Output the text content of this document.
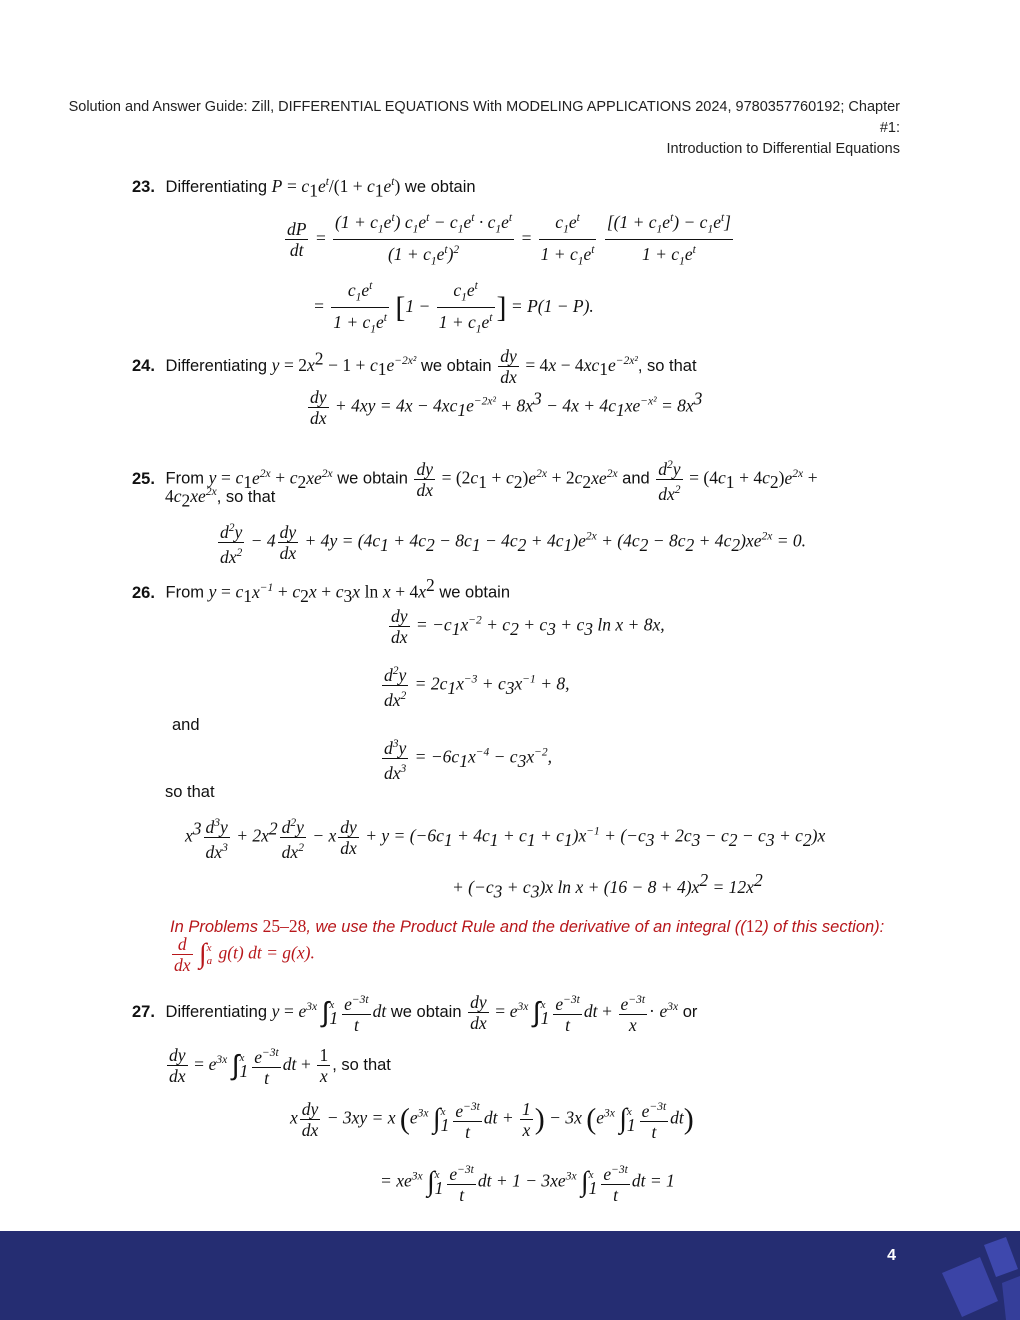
Solution and Answer Guide: Zill, DIFFERENTIAL EQUATIONS With MODELING APPLICATIONS 2024, 9780357760192; Chapter #1:
Introduction to Differential Equations
23. Differentiating $P = c_1e^t/(1 + c_1e^t)$ we obtain
$\frac{dP}{dt} = \frac{(1 + c_1e^t) c_1e^t - c_1e^t \cdot c_1e^t}{(1 + c_1e^t)^2} = \frac{c_1e^t}{1 + c_1e^t}$
$\frac{[(1 + c_1e^t) - c_1e^t]}{1 + c_1e^t}$
= $\frac{c_1e^t}{1 + c_1e^t} [1 - \frac{c_1e^t}{1 + c_1e^t}$ ] = P(1 − P).
24. Differentiating $y = 2x^2 - 1 + c_1e^{-2x^2}$ we obtain $\frac{dy}{dx} = 4x - 4xc_1e^{-2x^2}$, so that
$\frac{dy}{dx} + 4xy = 4x - 4xc_1e^{-2x^2} + 8x^3 - 4x + 4c_1xe^{-x^2} = 8x^3$
25. From $y = c_1e^{2x} + c_2xe^{2x}$ we obtain $\frac{dy}{dx} = (2c_1 + c_2)e^{2x} + 2c_2xe^{2x}$ and $\frac{d^2y}{dx^2} = (4c_1 + 4c_2)e^{2x}$ +
$4c_2xe^{2x}$, so that
$\frac{d^2y}{dx^2} - 4 \frac{dy}{dx} + 4y = (4c_1 + 4c_2 - 8c_1 - 4c_2 + 4c_1)e^{2x} + (4c_2 - 8c_2 + 4c_2)xe^{2x} = 0$.
26. From $y = c_1x^{-1} + c_2x + c_3x$ $\ln x + 4x^2$ we obtain
$\frac{dy}{dx} = -c_1x^{-2} + c_2 + c_3 + c_3$ ln x + 8x,
$\frac{d^2y}{dx^2} = 2c_1x^{-3} + c_3x^{-1} + 8$,
and
$\frac{d^3y}{dx^3} = -6c_1x^{-4} - c_3x^{-2}$,
so that
$x^3 \frac{d^3y}{dx^3} + 2x^2 \frac{d^2y}{dx^2} - x \frac{dy}{dx} + y = (-6c_1 + 4c_1 + c_1 + c_1)x^{-1} + (-c_3 + 2c_3 - c_2 - c_3 + c_2)x$
+ $(-c_3 + c_3)x$ $\ln x + (16 - 8 + 4)x^2 = 12x^2$
In Problems 25–28, we use the Product Rule and the derivative of an integral ((12) of this section):
$\frac{d}{dx}$ ∫ x
a g(t) dt = g(x).
27. Differentiating $y = e^{3x}$ ∫ x
$1 \frac{e^{-3t}}{t}$ dt we obtain $\frac{dy}{dx} = e^{3x}$ ∫ x
$1 \frac{e^{-3t}}{t}$ dt + $\frac{e^{-3t}}{x} \cdot e^{3x}$ or
$\frac{dy}{dx} = e^{3x}$ ∫ x
$1 \frac{e^{-3t}}{t}$ dt + $\frac{1}{x}$ , so that
x $\frac{dy}{dx} - 3xy = x$ ($e^{3x}$ ∫ x
$1 \frac{e^{-3t}}{t}$ dt + $\frac{1}{x}$ ) − 3x ($e^{3x}$ ∫ x
$1 \frac{e^{-3t}}{t} dt$)
= $xe^{3x}$ ∫ x
$1 \frac{e^{-3t}}{t}$ dt + $1 - 3xe^{3x}$ ∫ x
$1 \frac{e^{-3t}}{t}$ dt = 1
4
